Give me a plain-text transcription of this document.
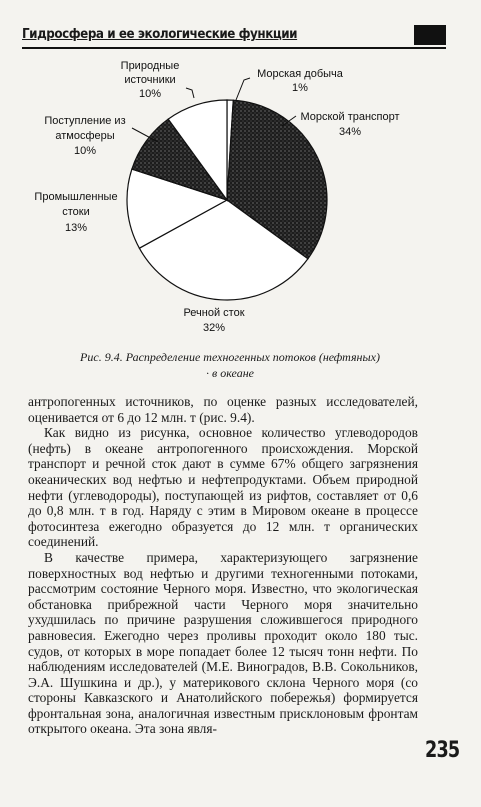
Гидросфера и ее экологические функции
Природные
источники
10%
Морская добыча
1%
Морской транспорт
34%
Поступление из
атмосферы
10%
Промышленные
стоки
13%
Речной сток
32%
Рис. 9.4. Распределение техногенных потоков (нефтяных)
· в океане

антропогенных источников, по оценке разных исследователей, оценивается от 6 до 12 млн. т (рис. 9.4).

Как видно из рисунка, основное количество углеводородов (нефть) в океане антропогенного происхождения. Морской транспорт и речной сток дают в сумме 67% общего загрязнения океанических вод нефтью и нефтепродуктами. Объем природной нефти (углеводороды), поступающей из рифтов, составляет от 0,6 до 0,8 млн. т в год. Наряду с этим в Мировом океане в процессе фотосинтеза ежегодно образуется до 12 млн. т органических соединений.

В качестве примера, характеризующего загрязнение поверхностных вод нефтью и другими техногенными потоками, рассмотрим состояние Черного моря. Известно, что экологическая обстановка прибрежной части Черного моря значительно ухудшилась по причине разрушения сложившегося природного равновесия. Ежегодно через проливы проходит около 180 тыс. судов, от которых в море попадает более 12 тысяч тонн нефти. По наблюдениям исследователей (М.Е. Виноградов, В.В. Сокольников, Э.А. Шушкина и др.), у материкового склона Черного моря (со стороны Кавказского и Анатолийского побережья) формируется фронтальная зона, аналогичная известным присклоновым фронтам открытого океана. Эта зона явля-

235
